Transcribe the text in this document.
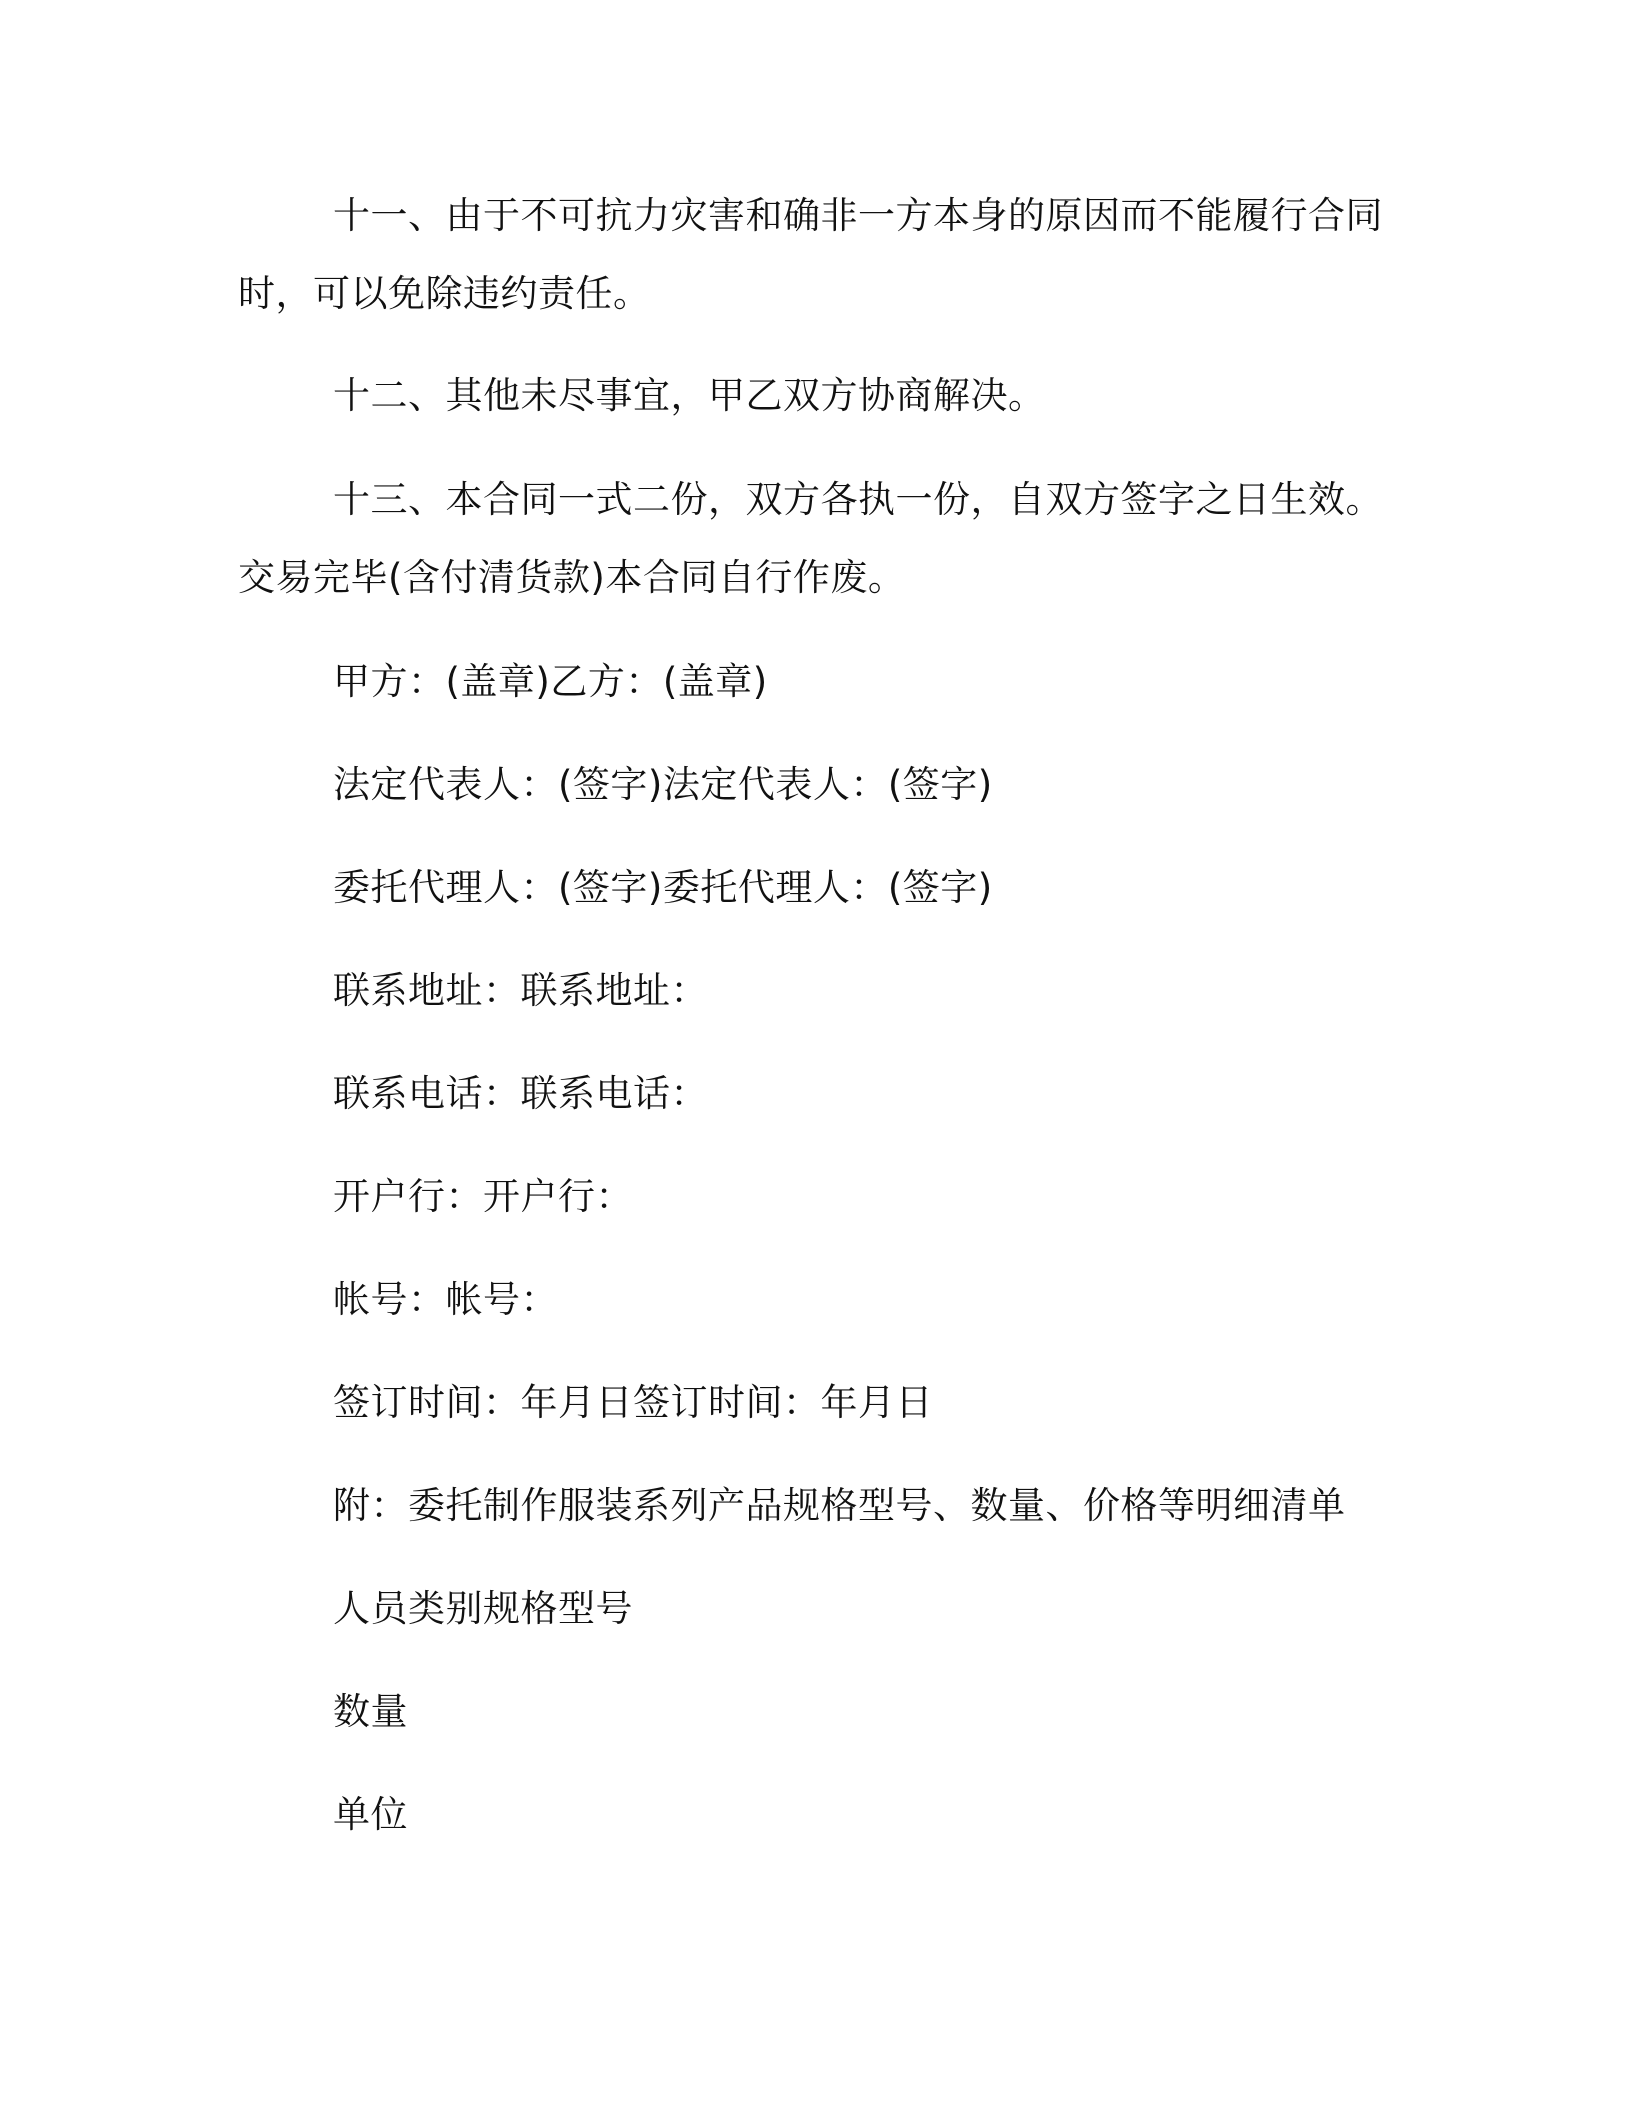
十一、由于不可抗力灾害和确非一方本身的原因而不能履行合同
时，可以免除违约责任。
十二、其他未尽事宜，甲乙双方协商解决。
十三、本合同一式二份，双方各执一份，自双方签字之日生效。
交易完毕(含付清货款)本合同自行作废。
甲方：(盖章)乙方：(盖章)
法定代表人：(签字)法定代表人：(签字)
委托代理人：(签字)委托代理人：(签字)
联系地址：联系地址：
联系电话：联系电话：
开户行：开户行：
帐号：帐号：
签订时间：年月日签订时间：年月日
附：委托制作服装系列产品规格型号、数量、价格等明细清单
人员类别规格型号
数量
单位
